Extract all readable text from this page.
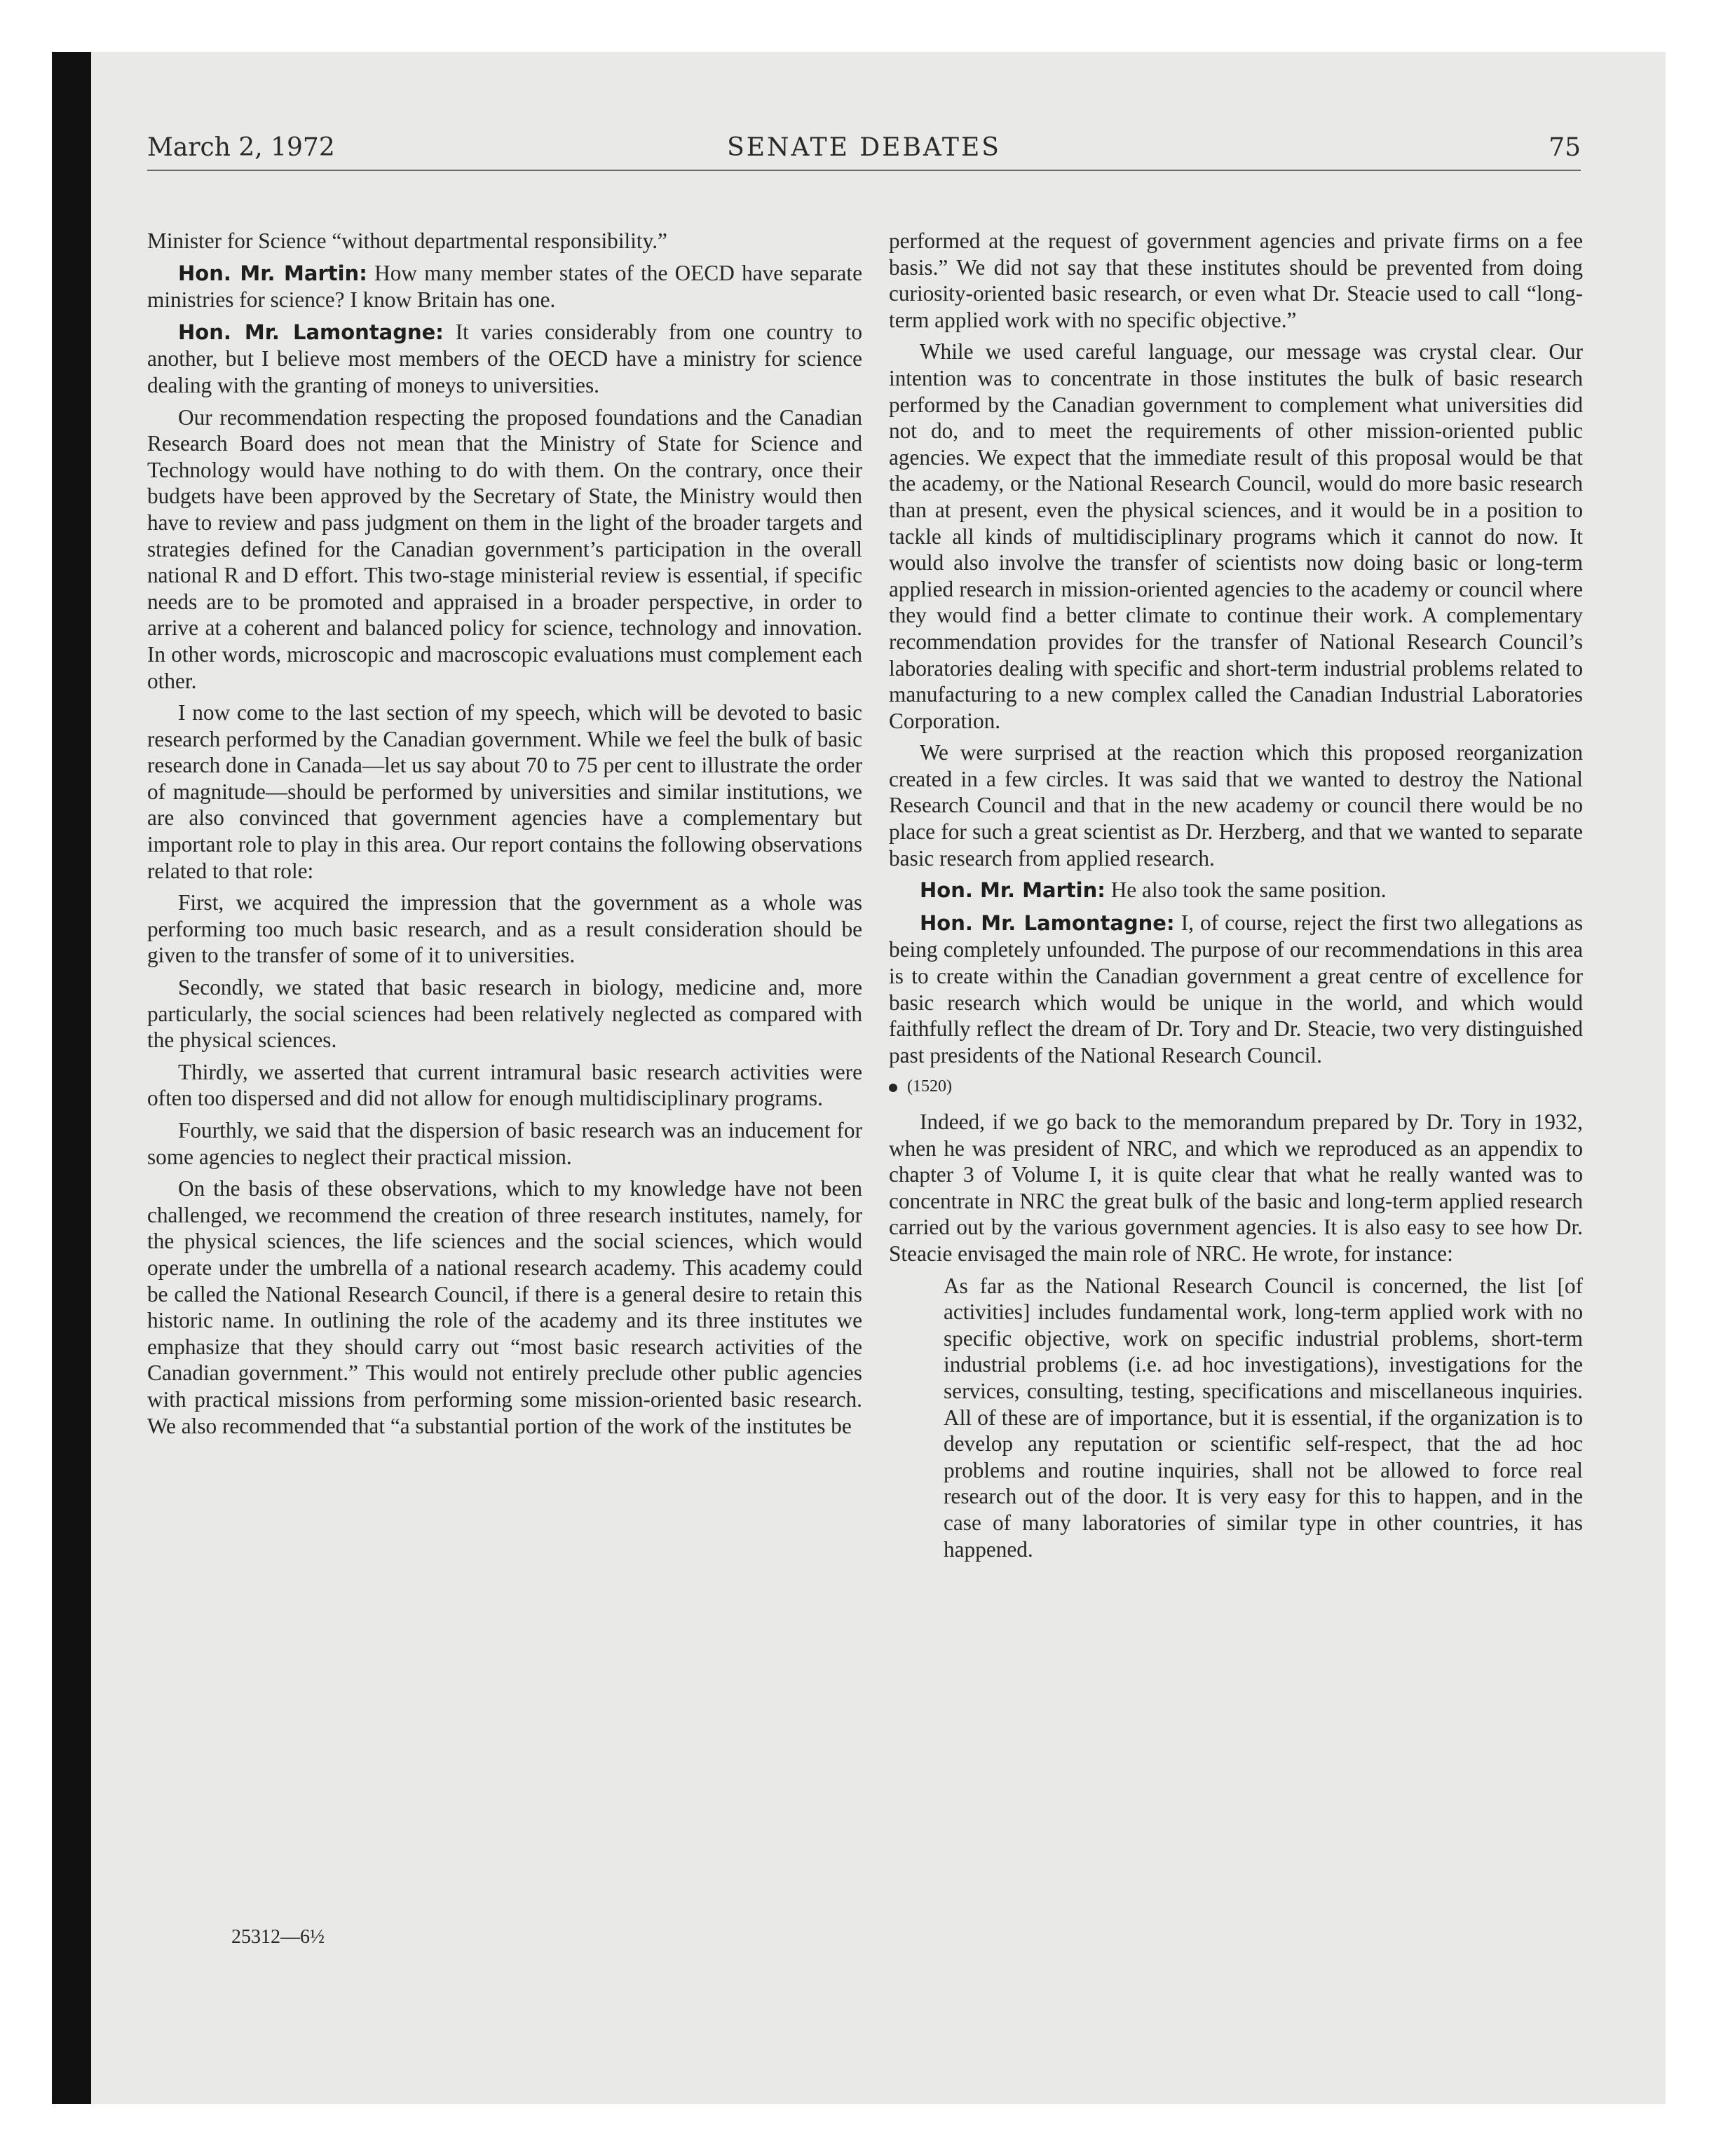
March 2, 1972	SENATE DEBATES	75

Minister for Science “without departmental responsibility.”

Hon. Mr. Martin: How many member states of the OECD have separate ministries for science? I know Britain has one.

Hon. Mr. Lamontagne: It varies considerably from one country to another, but I believe most members of the OECD have a ministry for science dealing with the granting of moneys to universities.

Our recommendation respecting the proposed foundations and the Canadian Research Board does not mean that the Ministry of State for Science and Technology would have nothing to do with them. On the contrary, once their budgets have been approved by the Secretary of State, the Ministry would then have to review and pass judgment on them in the light of the broader targets and strategies defined for the Canadian government’s participation in the overall national R and D effort. This two-stage ministerial review is essential, if specific needs are to be promoted and appraised in a broader perspective, in order to arrive at a coherent and balanced policy for science, technology and innovation. In other words, microscopic and macroscopic evaluations must complement each other.

I now come to the last section of my speech, which will be devoted to basic research performed by the Canadian government. While we feel the bulk of basic research done in Canada—let us say about 70 to 75 per cent to illustrate the order of magnitude—should be performed by universities and similar institutions, we are also convinced that government agencies have a complementary but important role to play in this area. Our report contains the following observations related to that role:

First, we acquired the impression that the government as a whole was performing too much basic research, and as a result consideration should be given to the transfer of some of it to universities.

Secondly, we stated that basic research in biology, medicine and, more particularly, the social sciences had been relatively neglected as compared with the physical sciences.

Thirdly, we asserted that current intramural basic research activities were often too dispersed and did not allow for enough multidisciplinary programs.

Fourthly, we said that the dispersion of basic research was an inducement for some agencies to neglect their practical mission.

On the basis of these observations, which to my knowledge have not been challenged, we recommend the creation of three research institutes, namely, for the physical sciences, the life sciences and the social sciences, which would operate under the umbrella of a national research academy. This academy could be called the National Research Council, if there is a general desire to retain this historic name. In outlining the role of the academy and its three institutes we emphasize that they should carry out “most basic research activities of the Canadian government.” This would not entirely preclude other public agencies with practical missions from performing some mission-oriented basic research. We also recommended that “a substantial portion of the work of the institutes be

performed at the request of government agencies and private firms on a fee basis.” We did not say that these institutes should be prevented from doing curiosity-oriented basic research, or even what Dr. Steacie used to call “long-term applied work with no specific objective.”

While we used careful language, our message was crystal clear. Our intention was to concentrate in those institutes the bulk of basic research performed by the Canadian government to complement what universities did not do, and to meet the requirements of other mission-oriented public agencies. We expect that the immediate result of this proposal would be that the academy, or the National Research Council, would do more basic research than at present, even the physical sciences, and it would be in a position to tackle all kinds of multidisciplinary programs which it cannot do now. It would also involve the transfer of scientists now doing basic or long-term applied research in mission-oriented agencies to the academy or council where they would find a better climate to continue their work. A complementary recommendation provides for the transfer of National Research Council’s laboratories dealing with specific and short-term industrial problems related to manufacturing to a new complex called the Canadian Industrial Laboratories Corporation.

We were surprised at the reaction which this proposed reorganization created in a few circles. It was said that we wanted to destroy the National Research Council and that in the new academy or council there would be no place for such a great scientist as Dr. Herzberg, and that we wanted to separate basic research from applied research.

Hon. Mr. Martin: He also took the same position.

Hon. Mr. Lamontagne: I, of course, reject the first two allegations as being completely unfounded. The purpose of our recommendations in this area is to create within the Canadian government a great centre of excellence for basic research which would be unique in the world, and which would faithfully reflect the dream of Dr. Tory and Dr. Steacie, two very distinguished past presidents of the National Research Council.

(1520)

Indeed, if we go back to the memorandum prepared by Dr. Tory in 1932, when he was president of NRC, and which we reproduced as an appendix to chapter 3 of Volume I, it is quite clear that what he really wanted was to concentrate in NRC the great bulk of the basic and long-term applied research carried out by the various government agencies. It is also easy to see how Dr. Steacie envisaged the main role of NRC. He wrote, for instance:

As far as the National Research Council is concerned, the list [of activities] includes fundamental work, long-term applied work with no specific objective, work on specific industrial problems, short-term industrial problems (i.e. ad hoc investigations), investigations for the services, consulting, testing, specifications and miscellaneous inquiries. All of these are of importance, but it is essential, if the organization is to develop any reputation or scientific self-respect, that the ad hoc problems and routine inquiries, shall not be allowed to force real research out of the door. It is very easy for this to happen, and in the case of many laboratories of similar type in other countries, it has happened.

25312—6½
